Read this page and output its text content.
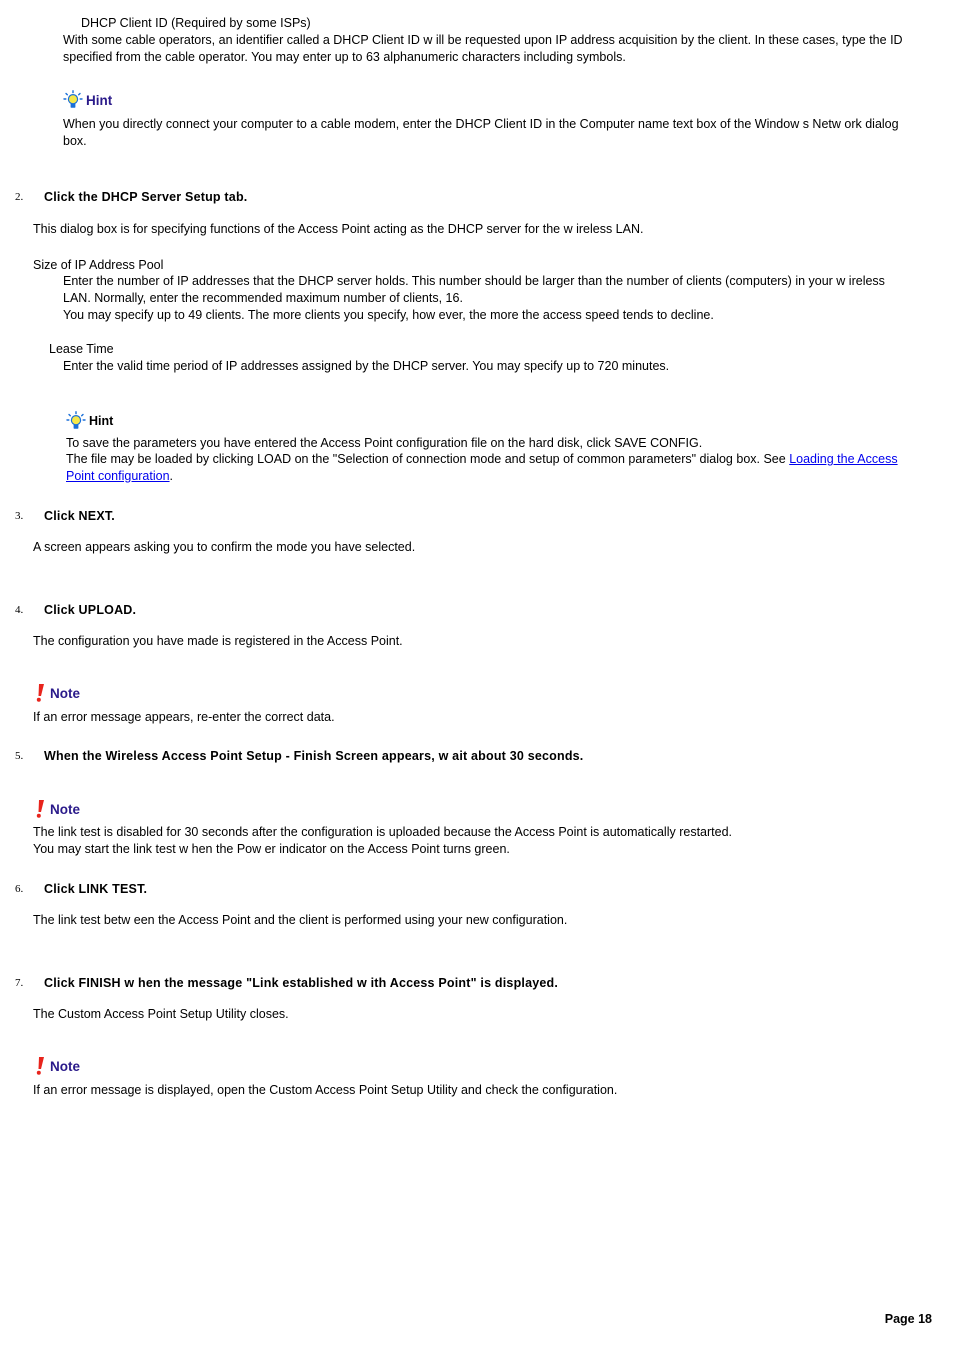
DHCP Client ID (Required by some ISPs)
With some cable operators, an identifier called a DHCP Client ID w ill be requested upon IP address acquisition by the client. In these cases, type the ID
specified from the cable operator. You may enter up to 63 alphanumeric characters including symbols.
Hint
When you directly connect your computer to a cable modem, enter the DHCP Client ID in the Computer name text box of the Window s Netw ork dialog
box.
2. Click the DHCP Server Setup tab.
This dialog box is for specifying functions of the Access Point acting as the DHCP server for the w ireless LAN.
Size of IP Address Pool
Enter the number of IP addresses that the DHCP server holds. This number should be larger than the number of clients (computers) in your w ireless
LAN. Normally, enter the recommended maximum number of clients, 16.
You may specify up to 49 clients. The more clients you specify, how ever, the more the access speed tends to decline.
Lease Time
Enter the valid time period of IP addresses assigned by the DHCP server. You may specify up to 720 minutes.
Hint
To save the parameters you have entered the Access Point configuration file on the hard disk, click SAVE CONFIG.
The file may be loaded by clicking LOAD on the "Selection of connection mode and setup of common parameters" dialog box. See Loading the Access
Point configuration.
3. Click NEXT.
A screen appears asking you to confirm the mode you have selected.
4. Click UPLOAD.
The configuration you have made is registered in the Access Point.
Note
If an error message appears, re-enter the correct data.
5. When the Wireless Access Point Setup - Finish Screen appears, w ait about 30 seconds.
Note
The link test is disabled for 30 seconds after the configuration is uploaded because the Access Point is automatically restarted.
You may start the link test w hen the Pow er indicator on the Access Point turns green.
6. Click LINK TEST.
The link test betw een the Access Point and the client is performed using your new configuration.
7. Click FINISH w hen the message "Link established w ith Access Point" is displayed.
The Custom Access Point Setup Utility closes.
Note
If an error message is displayed, open the Custom Access Point Setup Utility and check the configuration.
Page 18
